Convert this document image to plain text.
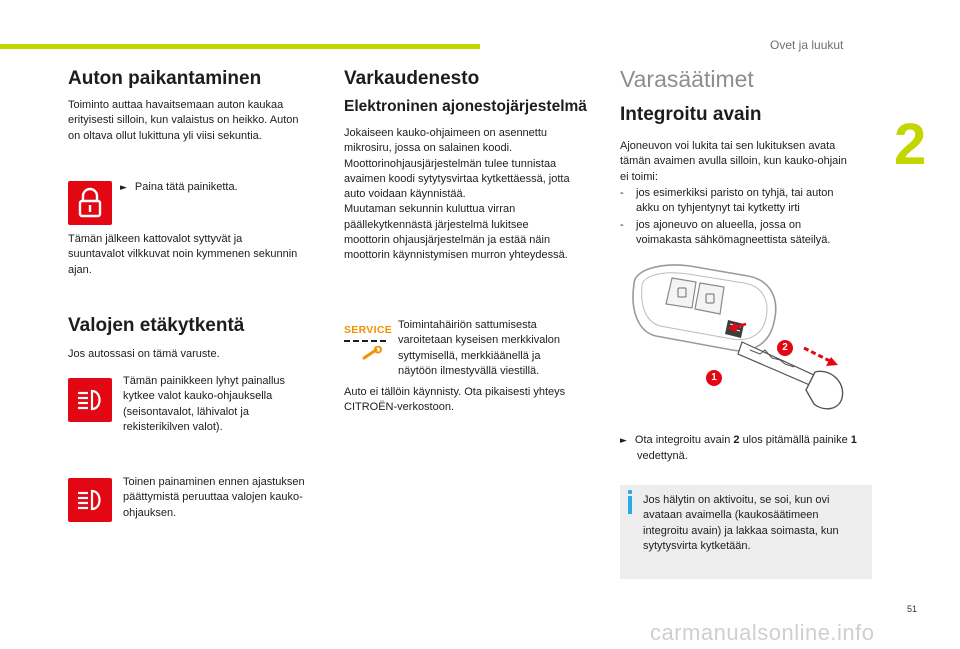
Ovet ja luukut
2
51
carmanualsonline.info
Auton paikantaminen

Toiminto auttaa havaitsemaan auton kaukaa
erityisesti silloin, kun valaistus on heikko. Auton
on oltava ollut lukittuna yli viisi sekuntia.

► Paina tätä painiketta.

Tämän jälkeen kattovalot syttyvät ja
suuntavalot vilkkuvat noin kymmenen sekunnin
ajan.

Valojen etäkytkentä

Jos autossasi on tämä varuste.

Tämän painikkeen lyhyt painallus
kytkee valot kauko-ohjauksella
(seisontavalot, lähivalot ja
rekisterikilven valot).

Toinen painaminen ennen ajastuksen
päättymistä peruuttaa valojen kauko-
ohjauksen.

Varkaudenesto
Elektroninen ajonestojärjestelmä

Jokaiseen kauko-ohjaimeen on asennettu
mikrosiru, jossa on salainen koodi.
Moottorinohjausjärjestelmän tulee tunnistaa
avaimen koodi sytytysvirtaa kytkettäessä, jotta
auto voidaan käynnistää.
Muutaman sekunnin kuluttua virran
päällekytkennästä järjestelmä lukitsee
moottorin ohjausjärjestelmän ja estää näin
moottorin käynnistymisen murron yhteydessä.

SERVICE Toimintahäiriön sattumisesta
varoitetaan kyseisen merkkivalon
syttymisellä, merkkiäänellä ja
näytöön ilmestyvällä viestillä.

Auto ei tällöin käynnisty. Ota pikaisesti yhteys
CITROËN-verkostoon.

Varasäätimet
Integroitu avain

Ajoneuvon voi lukita tai sen lukituksen avata
tämän avaimen avulla silloin, kun kauko-ohjain
ei toimi:

- jos esimerkiksi paristo on tyhjä, tai auton
akku on tyhjentynyt tai kytketty irti
- jos ajoneuvo on alueella, jossa on
voimakasta sähkömagneettista säteilyä.
2
1
► Ota integroitu avain 2 ulos pitämällä painike 1
vedettynä.

Jos hälytin on aktivoitu, se soi, kun ovi
avataan avaimella (kaukosäätimeen
integroitu avain) ja lakkaa soimasta, kun
sytytysvirta kytketään.
